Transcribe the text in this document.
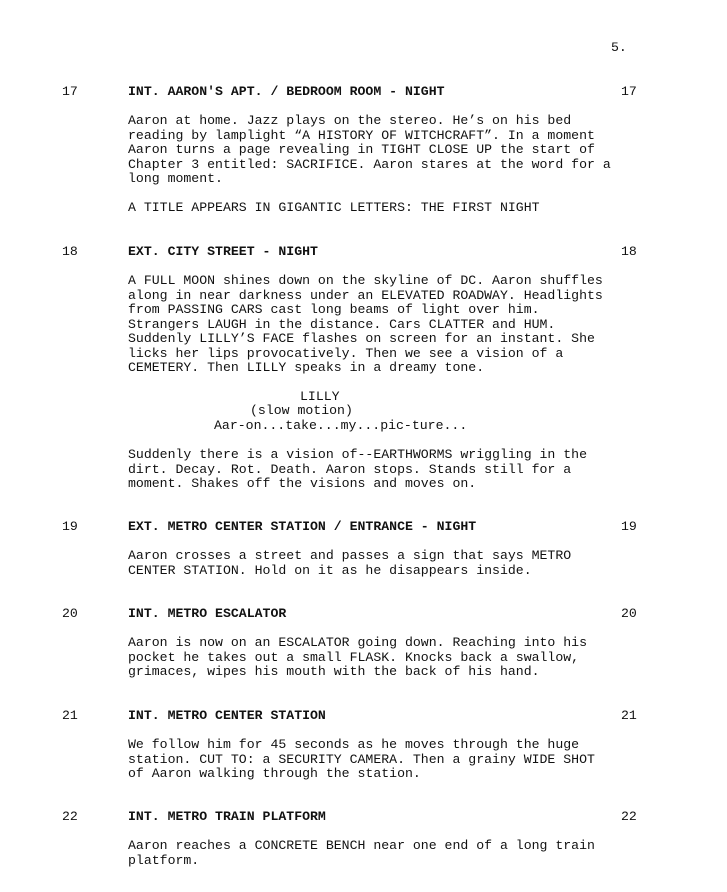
5.
17	INT. AARON'S APT. / BEDROOM ROOM - NIGHT	17
Aaron at home. Jazz plays on the stereo. He’s on his bed
reading by lamplight “A HISTORY OF WITCHCRAFT”. In a moment
Aaron turns a page revealing in TIGHT CLOSE UP the start of
Chapter 3 entitled: SACRIFICE. Aaron stares at the word for a
long moment.
A TITLE APPEARS IN GIGANTIC LETTERS: THE FIRST NIGHT
18	EXT. CITY STREET - NIGHT	18
A FULL MOON shines down on the skyline of DC. Aaron shuffles
along in near darkness under an ELEVATED ROADWAY. Headlights
from PASSING CARS cast long beams of light over him.
Strangers LAUGH in the distance. Cars CLATTER and HUM.
Suddenly LILLY’S FACE flashes on screen for an instant. She
licks her lips provocatively. Then we see a vision of a
CEMETERY. Then LILLY speaks in a dreamy tone.
LILLY
(slow motion)
Aar-on...take...my...pic-ture...
Suddenly there is a vision of--EARTHWORMS wriggling in the
dirt. Decay. Rot. Death. Aaron stops. Stands still for a
moment. Shakes off the visions and moves on.
19	EXT. METRO CENTER STATION / ENTRANCE - NIGHT	19
Aaron crosses a street and passes a sign that says METRO
CENTER STATION. Hold on it as he disappears inside.
20	INT. METRO ESCALATOR	20
Aaron is now on an ESCALATOR going down. Reaching into his
pocket he takes out a small FLASK. Knocks back a swallow,
grimaces, wipes his mouth with the back of his hand.
21	INT. METRO CENTER STATION	21
We follow him for 45 seconds as he moves through the huge
station. CUT TO: a SECURITY CAMERA. Then a grainy WIDE SHOT
of Aaron walking through the station.
22	INT. METRO TRAIN PLATFORM	22
Aaron reaches a CONCRETE BENCH near one end of a long train
platform.
